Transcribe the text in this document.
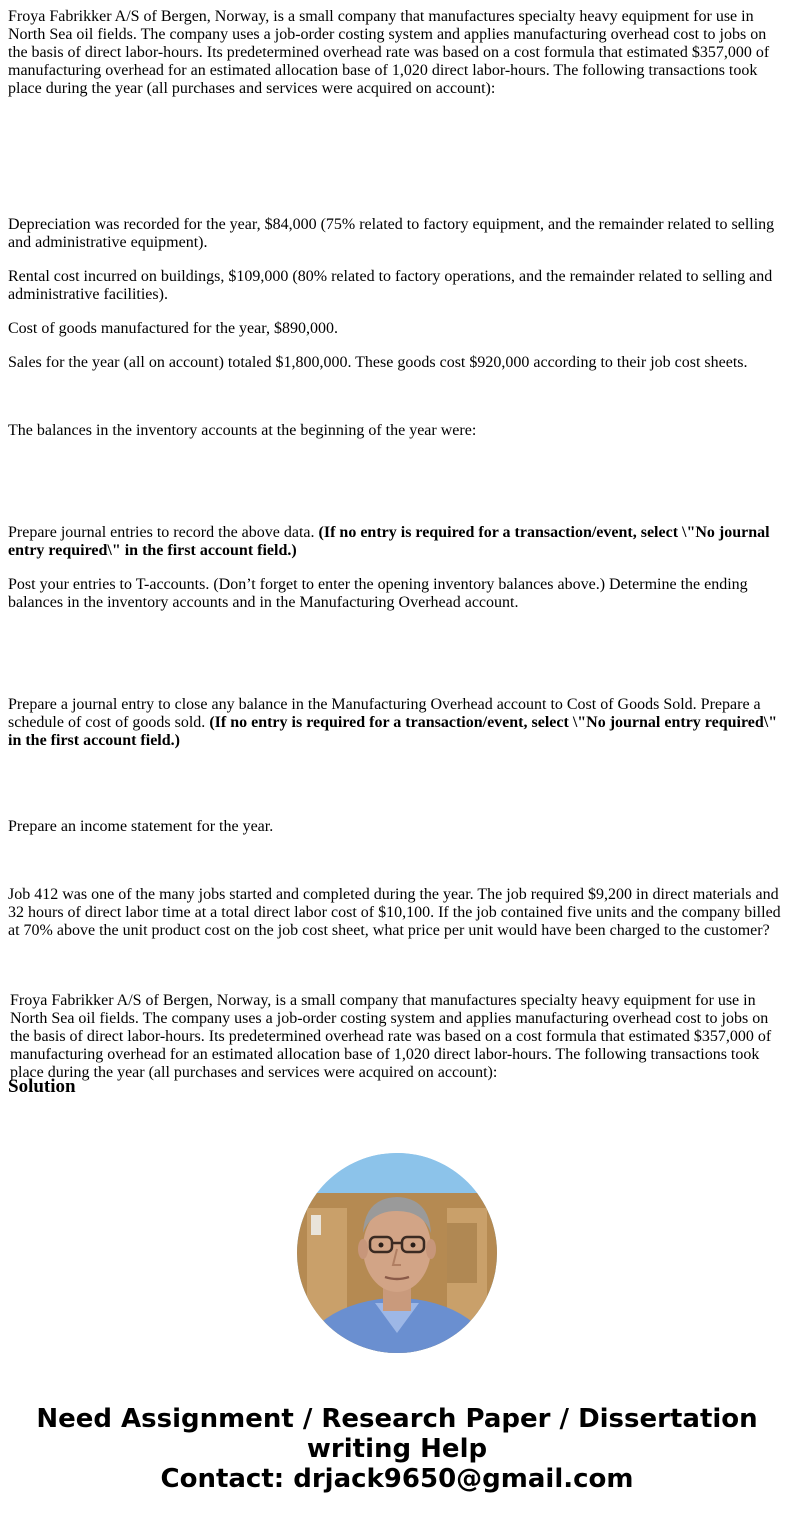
Froya Fabrikker A/S of Bergen, Norway, is a small company that manufactures specialty heavy equipment for use in North Sea oil fields. The company uses a job-order costing system and applies manufacturing overhead cost to jobs on the basis of direct labor-hours. Its predetermined overhead rate was based on a cost formula that estimated $357,000 of manufacturing overhead for an estimated allocation base of 1,020 direct labor-hours. The following transactions took place during the year (all purchases and services were acquired on account):

Depreciation was recorded for the year, $84,000 (75% related to factory equipment, and the remainder related to selling and administrative equipment).

Rental cost incurred on buildings, $109,000 (80% related to factory operations, and the remainder related to selling and administrative facilities).

Cost of goods manufactured for the year, $890,000.

Sales for the year (all on account) totaled $1,800,000. These goods cost $920,000 according to their job cost sheets.

The balances in the inventory accounts at the beginning of the year were:

Prepare journal entries to record the above data. (If no entry is required for a transaction/event, select \"No journal entry required\" in the first account field.)

Post your entries to T-accounts. (Don’t forget to enter the opening inventory balances above.) Determine the ending balances in the inventory accounts and in the Manufacturing Overhead account.

Prepare a journal entry to close any balance in the Manufacturing Overhead account to Cost of Goods Sold. Prepare a schedule of cost of goods sold. (If no entry is required for a transaction/event, select \"No journal entry required\" in the first account field.)

Prepare an income statement for the year.

Job 412 was one of the many jobs started and completed during the year. The job required $9,200 in direct materials and 32 hours of direct labor time at a total direct labor cost of $10,100. If the job contained five units and the company billed at 70% above the unit product cost on the job cost sheet, what price per unit would have been charged to the customer?

Froya Fabrikker A/S of Bergen, Norway, is a small company that manufactures specialty heavy equipment for use in North Sea oil fields. The company uses a job-order costing system and applies manufacturing overhead cost to jobs on the basis of direct labor-hours. Its predetermined overhead rate was based on a cost formula that estimated $357,000 of manufacturing overhead for an estimated allocation base of 1,020 direct labor-hours. The following transactions took place during the year (all purchases and services were acquired on account):

Solution
Need Assignment / Research Paper / Dissertation writing Help
Contact: drjack9650@gmail.com
